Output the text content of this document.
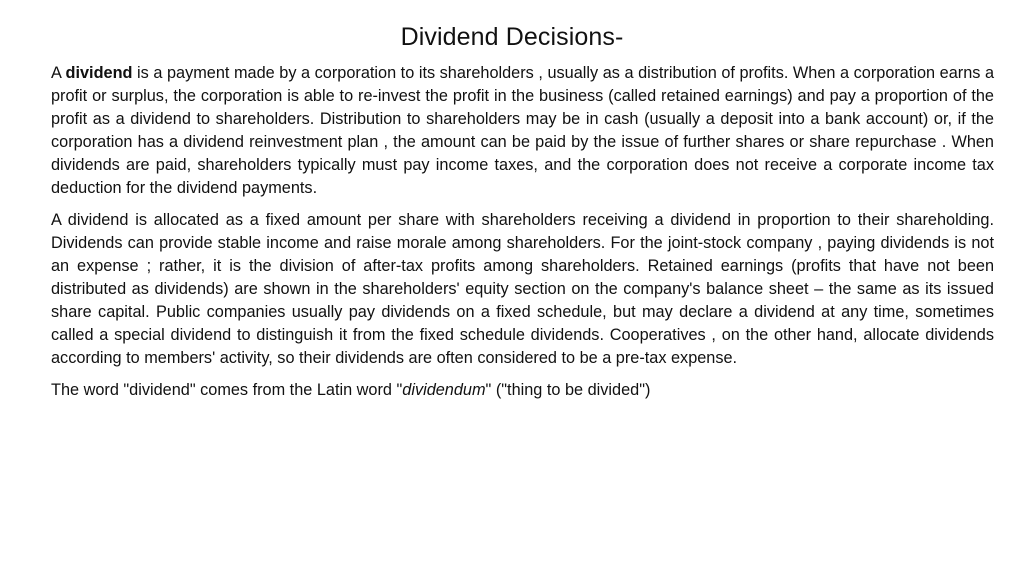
Dividend Decisions-

A dividend is a payment made by a corporation to its shareholders , usually as a distribution of profits. When a corporation earns a profit or surplus, the corporation is able to re-invest the profit in the business (called retained earnings) and pay a proportion of the profit as a dividend to shareholders. Distribution to shareholders may be in cash (usually a deposit into a bank account) or, if the corporation has a dividend reinvestment plan , the amount can be paid by the issue of further shares or share repurchase . When dividends are paid, shareholders typically must pay income taxes, and the corporation does not receive a corporate income tax deduction for the dividend payments.

A dividend is allocated as a fixed amount per share with shareholders receiving a dividend in proportion to their shareholding. Dividends can provide stable income and raise morale among shareholders. For the joint-stock company , paying dividends is not an expense ; rather, it is the division of after-tax profits among shareholders. Retained earnings (profits that have not been distributed as dividends) are shown in the shareholders' equity section on the company's balance sheet – the same as its issued share capital. Public companies usually pay dividends on a fixed schedule, but may declare a dividend at any time, sometimes called a special dividend to distinguish it from the fixed schedule dividends. Cooperatives , on the other hand, allocate dividends according to members' activity, so their dividends are often considered to be a pre-tax expense.

The word "dividend" comes from the Latin word "dividendum" ("thing to be divided")
